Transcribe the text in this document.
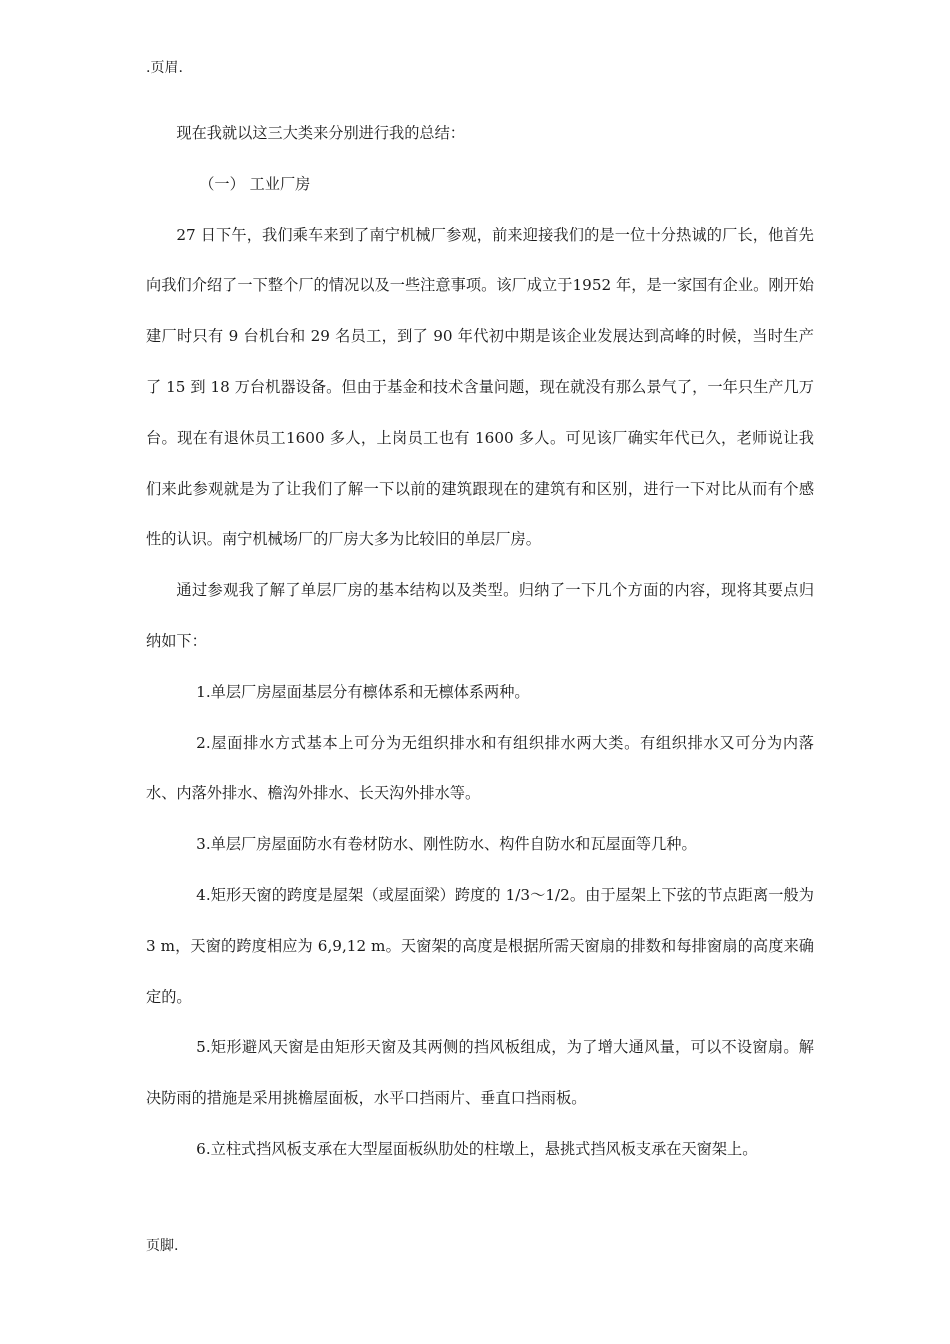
.页眉.

现在我就以这三大类来分别进行我的总结：

（一） 工业厂房

27 日下午，我们乘车来到了南宁机械厂参观，前来迎接我们的是一位十分热诚的厂长，他首先向我们介绍了一下整个厂的情况以及一些注意事项。该厂成立于1952 年，是一家国有企业。刚开始建厂时只有 9 台机台和 29 名员工，到了 90 年代初中期是该企业发展达到高峰的时候，当时生产了 15 到 18 万台机器设备。但由于基金和技术含量问题，现在就没有那么景气了，一年只生产几万台。现在有退休员工1600 多人，上岗员工也有 1600 多人。可见该厂确实年代已久，老师说让我们来此参观就是为了让我们了解一下以前的建筑跟现在的建筑有和区别，进行一下对比从而有个感性的认识。南宁机械场厂的厂房大多为比较旧的单层厂房。

通过参观我了解了单层厂房的基本结构以及类型。归纳了一下几个方面的内容，现将其要点归纳如下：

1.单层厂房屋面基层分有檩体系和无檩体系两种。

2.屋面排水方式基本上可分为无组织排水和有组织排水两大类。有组织排水又可分为内落水、内落外排水、檐沟外排水、长天沟外排水等。

3.单层厂房屋面防水有卷材防水、刚性防水、构件自防水和瓦屋面等几种。

4.矩形天窗的跨度是屋架（或屋面梁）跨度的 1/3～1/2。由于屋架上下弦的节点距离一般为 3 m，天窗的跨度相应为 6,9,12 m。天窗架的高度是根据所需天窗扇的排数和每排窗扇的高度来确定的。

5.矩形避风天窗是由矩形天窗及其两侧的挡风板组成，为了增大通风量，可以不设窗扇。解决防雨的措施是采用挑檐屋面板，水平口挡雨片、垂直口挡雨板。

6.立柱式挡风板支承在大型屋面板纵肋处的柱墩上，悬挑式挡风板支承在天窗架上。

页脚.
